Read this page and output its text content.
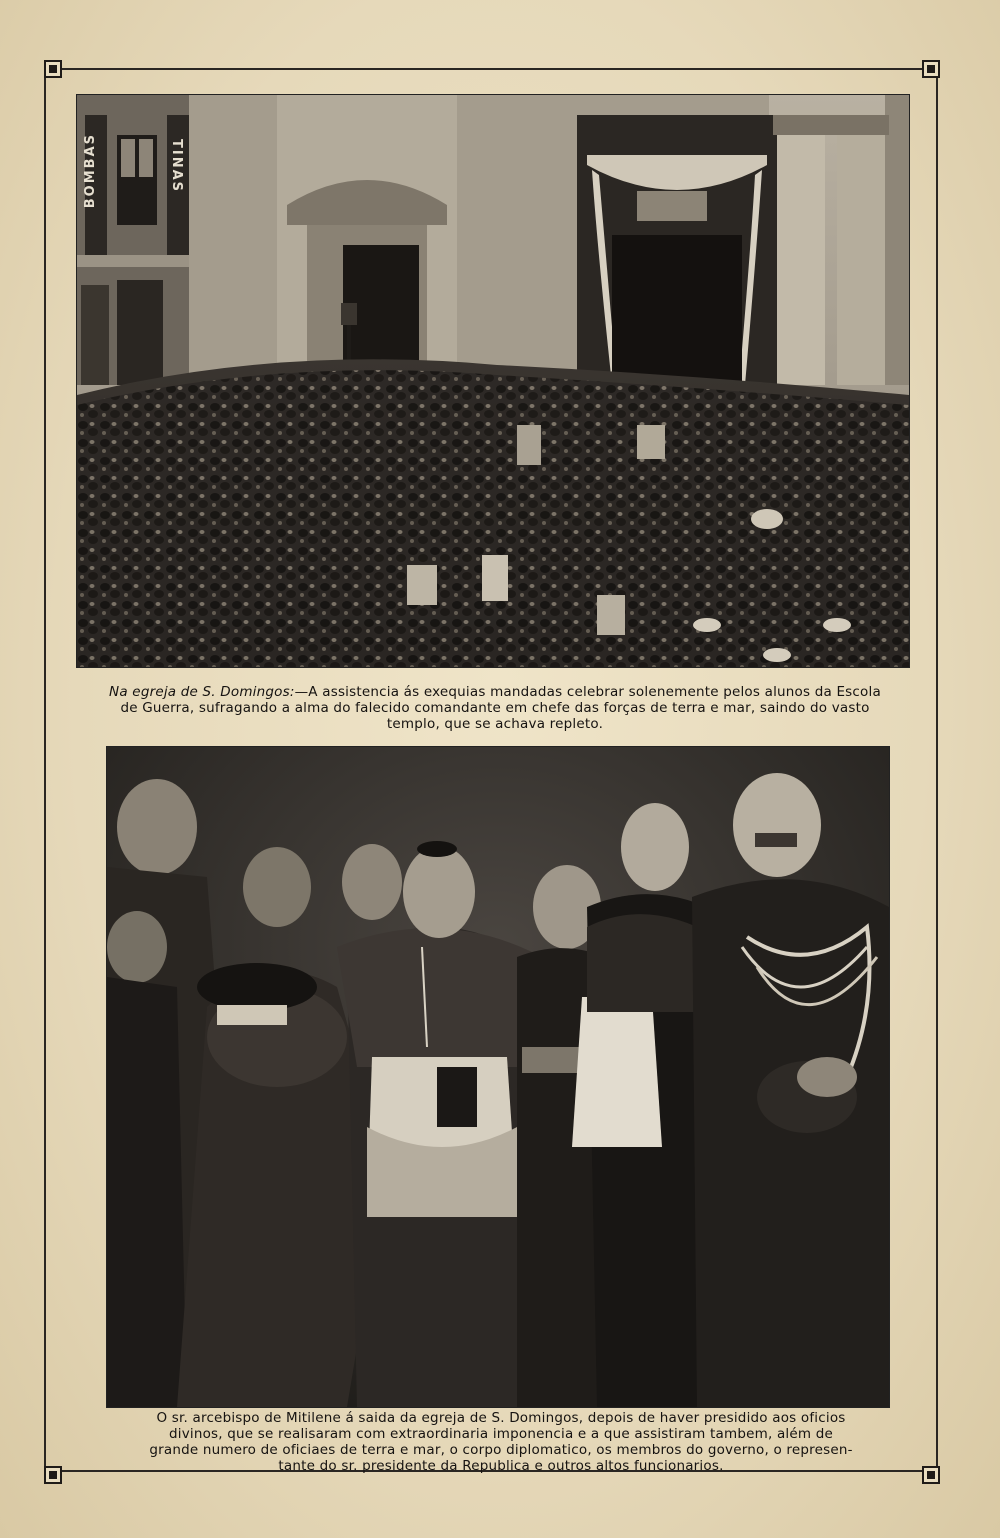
BOMBAS	TINAS

Na egreja de S. Domingos:—A assistencia ás exequias mandadas celebrar solenemente pelos alunos da Escola

de Guerra, sufragando a alma do falecido comandante em chefe das forças de terra e mar, saindo do vasto

templo, que se achava repleto.

O sr. arcebispo de Mitilene á saida da egreja de S. Domingos, depois de haver presidido aos oficios

divinos, que se realisaram com extraordinaria imponencia e a que assistiram tambem, além de

grande numero de oficiaes de terra e mar, o corpo diplomatico, os membros do governo, o represen-

tante do sr. presidente da Republica e outros altos funcionarios.
